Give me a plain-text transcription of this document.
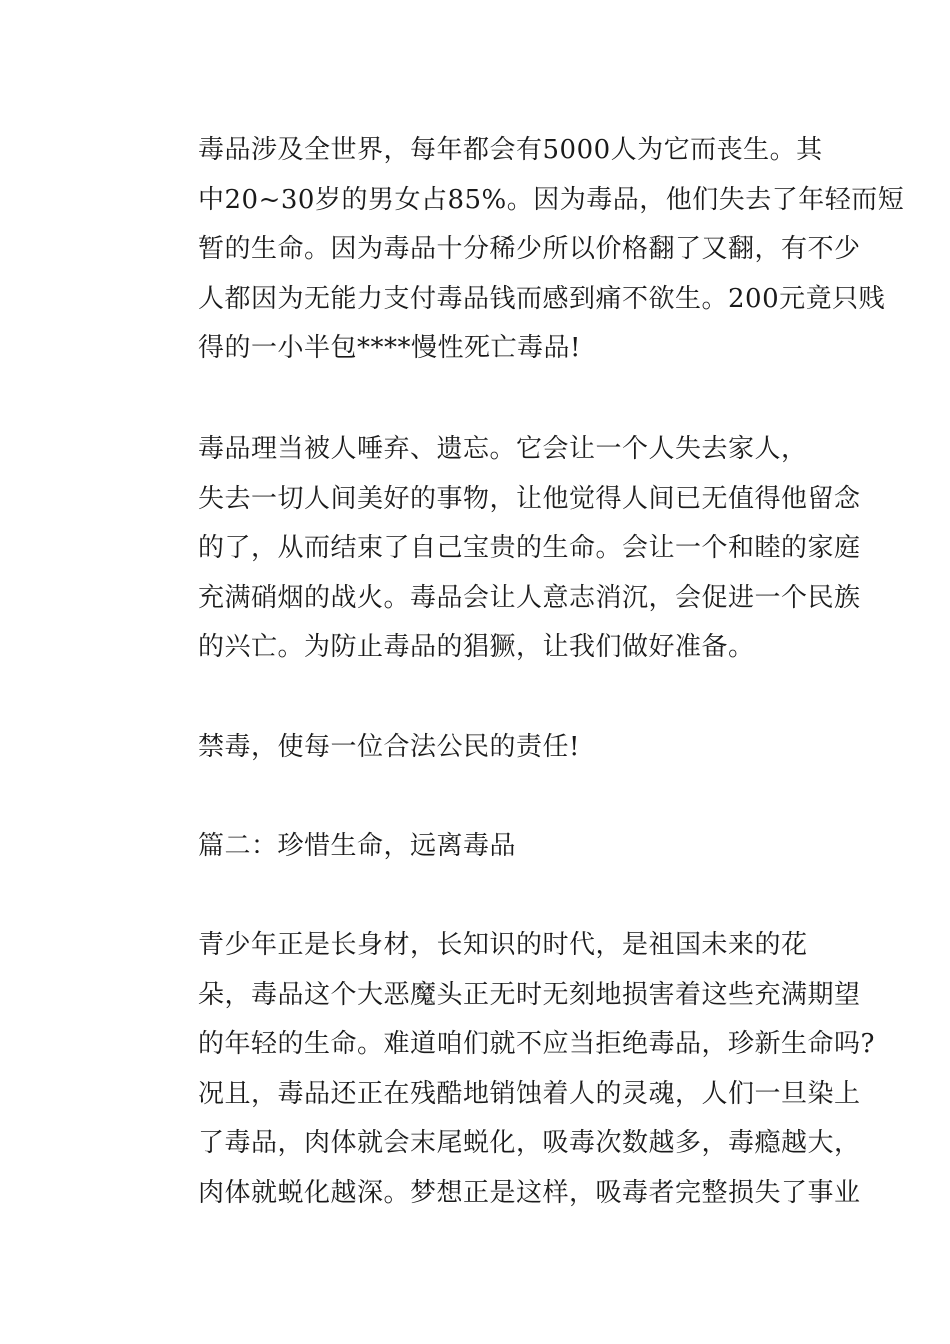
毒品涉及全世界，每年都会有5000人为它而丧生。其
中20~30岁的男女占85%。因为毒品，他们失去了年轻而短
暂的生命。因为毒品十分稀少所以价格翻了又翻，有不少
人都因为无能力支付毒品钱而感到痛不欲生。200元竟只贱
得的一小半包****慢性死亡毒品!

毒品理当被人唾弃、遗忘。它会让一个人失去家人，
失去一切人间美好的事物，让他觉得人间已无值得他留念
的了，从而结束了自己宝贵的生命。会让一个和睦的家庭
充满硝烟的战火。毒品会让人意志消沉，会促进一个民族
的兴亡。为防止毒品的猖獗，让我们做好准备。

禁毒，使每一位合法公民的责任!

篇二：珍惜生命，远离毒品

青少年正是长身材，长知识的时代，是祖国未来的花
朵，毒品这个大恶魔头正无时无刻地损害着这些充满期望
的年轻的生命。难道咱们就不应当拒绝毒品，珍新生命吗?
况且，毒品还正在残酷地销蚀着人的灵魂，人们一旦染上
了毒品，肉体就会末尾蜕化，吸毒次数越多，毒瘾越大，
肉体就蜕化越深。梦想正是这样，吸毒者完整损失了事业
